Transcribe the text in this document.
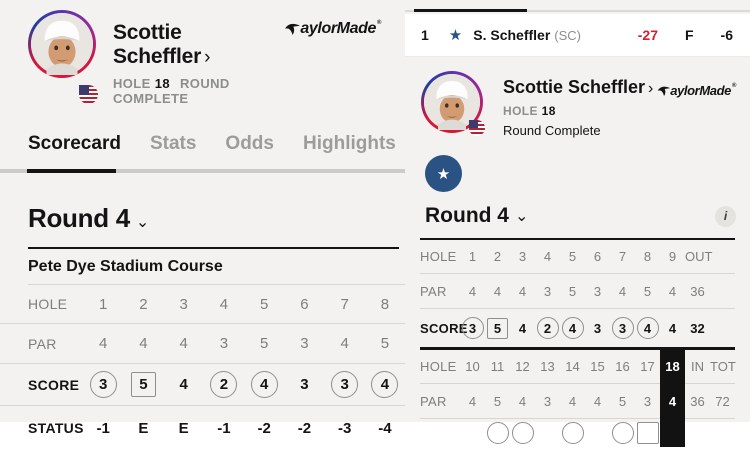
Scottie Scheffler ›
HOLE 18 ROUND COMPLETE
aylorMade®
Scorecard Stats Odds Highlights
Round 4 ⌄
Pete Dye Stadium Course
HOLE	1	2	3	4	5	6	7	8
PAR	4	4	4	3	5	3	4	5
SCORE	3	5	4	2	4	3	3	4
STATUS -1	E	E	-1	-2	-2	-3	-4
1 ★ S. Scheffler (SC)	-27 F -6
Scottie Scheffler ›
HOLE 18
Round Complete
aylorMade®
★
Round 4 ⌄	i
HOLE 1	2	3	4	5	6	7	8	9 OUT
PAR	4	4	4	3	5	3	4	5	4	36
SCORE 3	5	4	2	4	3	3	4	4	32
HOLE 10 11 12 13 14 15 16 17 18 IN TOT
PAR	4	5	4	3	4	4	5	3	4	36 72
